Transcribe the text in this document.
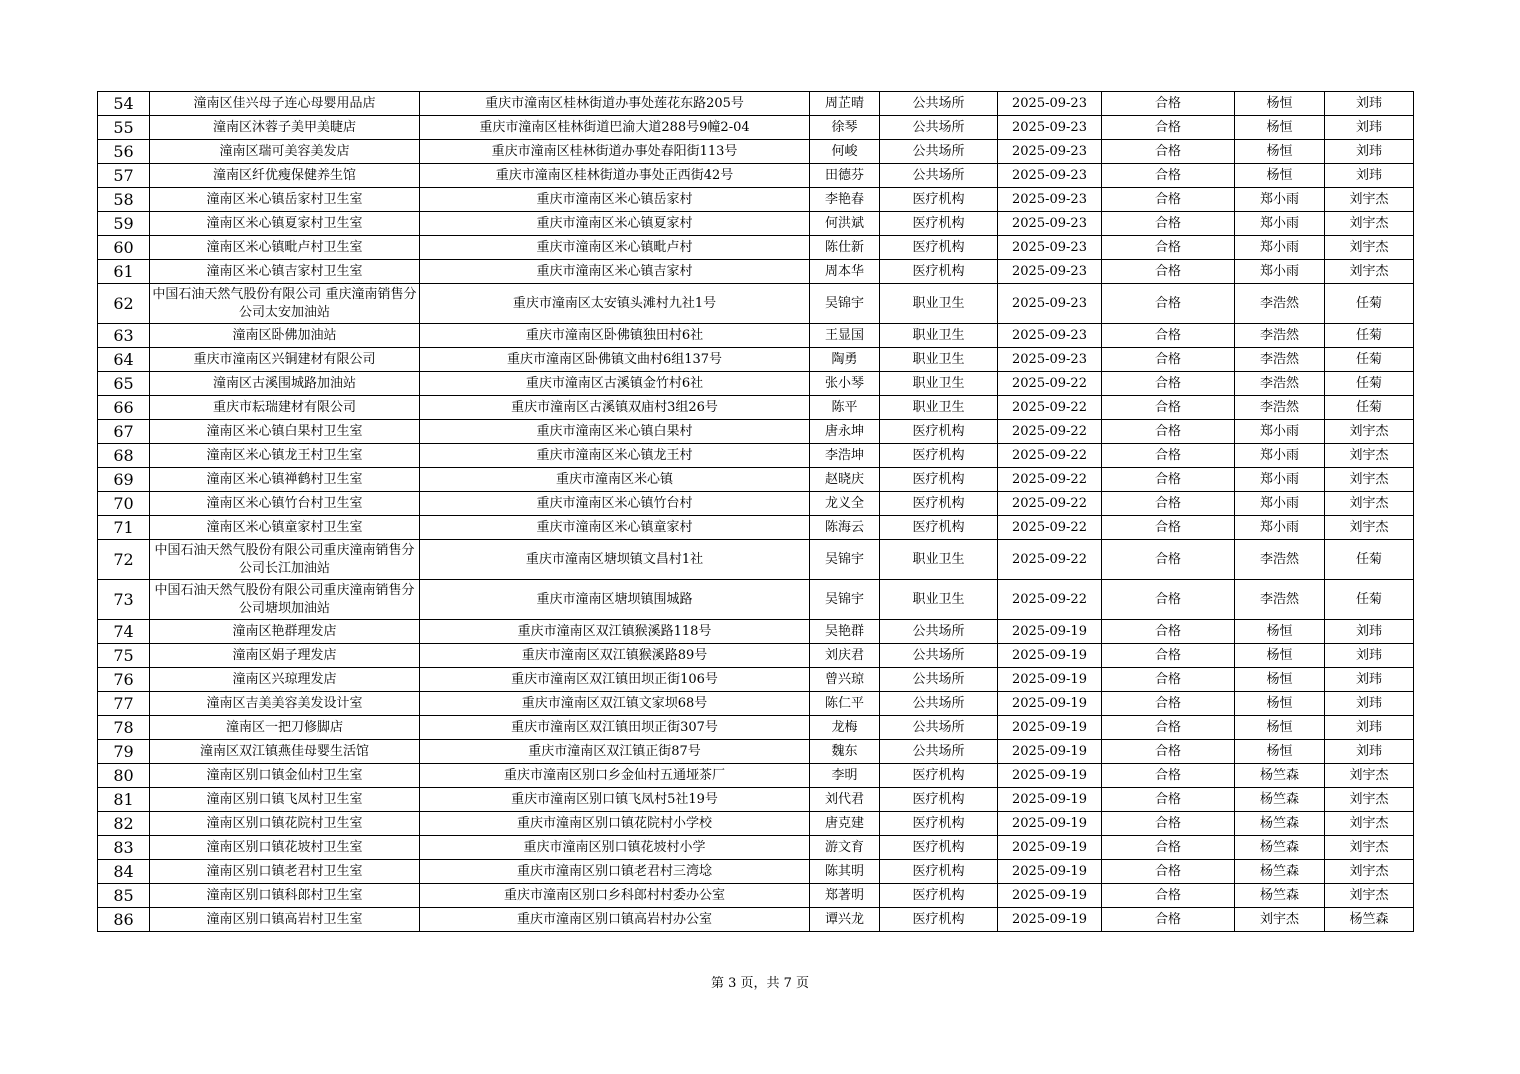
54	潼南区佳兴母子连心母婴用品店	重庆市潼南区桂林街道办事处莲花东路205号	周芷晴	公共场所	2025-09-23	合格	杨恒	刘玮
55	潼南区沐蓉子美甲美睫店	重庆市潼南区桂林街道巴渝大道288号9幢2-04	徐琴	公共场所	2025-09-23	合格	杨恒	刘玮
56	潼南区瑞可美容美发店	重庆市潼南区桂林街道办事处春阳街113号	何峻	公共场所	2025-09-23	合格	杨恒	刘玮
57	潼南区纤优瘦保健养生馆	重庆市潼南区桂林街道办事处正西街42号	田德芬	公共场所	2025-09-23	合格	杨恒	刘玮
58	潼南区米心镇岳家村卫生室	重庆市潼南区米心镇岳家村	李艳春	医疗机构	2025-09-23	合格	郑小雨	刘宇杰
59	潼南区米心镇夏家村卫生室	重庆市潼南区米心镇夏家村	何洪斌	医疗机构	2025-09-23	合格	郑小雨	刘宇杰
60	潼南区米心镇毗卢村卫生室	重庆市潼南区米心镇毗卢村	陈仕新	医疗机构	2025-09-23	合格	郑小雨	刘宇杰
61	潼南区米心镇吉家村卫生室	重庆市潼南区米心镇吉家村	周本华	医疗机构	2025-09-23	合格	郑小雨	刘宇杰
62	中国石油天然气股份有限公司 重庆潼南销售分公司太安加油站	重庆市潼南区太安镇头滩村九社1号	吴锦宇	职业卫生	2025-09-23	合格	李浩然	任菊
63	潼南区卧佛加油站	重庆市潼南区卧佛镇独田村6社	王显国	职业卫生	2025-09-23	合格	李浩然	任菊
64	重庆市潼南区兴铜建材有限公司	重庆市潼南区卧佛镇文曲村6组137号	陶勇	职业卫生	2025-09-23	合格	李浩然	任菊
65	潼南区古溪围城路加油站	重庆市潼南区古溪镇金竹村6社	张小琴	职业卫生	2025-09-22	合格	李浩然	任菊
66	重庆市耘瑞建材有限公司	重庆市潼南区古溪镇双庙村3组26号	陈平	职业卫生	2025-09-22	合格	李浩然	任菊
67	潼南区米心镇白果村卫生室	重庆市潼南区米心镇白果村	唐永坤	医疗机构	2025-09-22	合格	郑小雨	刘宇杰
68	潼南区米心镇龙王村卫生室	重庆市潼南区米心镇龙王村	李浩坤	医疗机构	2025-09-22	合格	郑小雨	刘宇杰
69	潼南区米心镇禅鹤村卫生室	重庆市潼南区米心镇	赵晓庆	医疗机构	2025-09-22	合格	郑小雨	刘宇杰
70	潼南区米心镇竹台村卫生室	重庆市潼南区米心镇竹台村	龙义全	医疗机构	2025-09-22	合格	郑小雨	刘宇杰
71	潼南区米心镇童家村卫生室	重庆市潼南区米心镇童家村	陈海云	医疗机构	2025-09-22	合格	郑小雨	刘宇杰
72	中国石油天然气股份有限公司重庆潼南销售分公司长江加油站	重庆市潼南区塘坝镇文昌村1社	吴锦宇	职业卫生	2025-09-22	合格	李浩然	任菊
73	中国石油天然气股份有限公司重庆潼南销售分公司塘坝加油站	重庆市潼南区塘坝镇围城路	吴锦宇	职业卫生	2025-09-22	合格	李浩然	任菊
74	潼南区艳群理发店	重庆市潼南区双江镇猴溪路118号	吴艳群	公共场所	2025-09-19	合格	杨恒	刘玮
75	潼南区娟子理发店	重庆市潼南区双江镇猴溪路89号	刘庆君	公共场所	2025-09-19	合格	杨恒	刘玮
76	潼南区兴琼理发店	重庆市潼南区双江镇田坝正街106号	曾兴琼	公共场所	2025-09-19	合格	杨恒	刘玮
77	潼南区吉美美容美发设计室	重庆市潼南区双江镇文家坝68号	陈仁平	公共场所	2025-09-19	合格	杨恒	刘玮
78	潼南区一把刀修脚店	重庆市潼南区双江镇田坝正街307号	龙梅	公共场所	2025-09-19	合格	杨恒	刘玮
79	潼南区双江镇燕佳母婴生活馆	重庆市潼南区双江镇正街87号	魏东	公共场所	2025-09-19	合格	杨恒	刘玮
80	潼南区别口镇金仙村卫生室	重庆市潼南区别口乡金仙村五通垭茶厂	李明	医疗机构	2025-09-19	合格	杨竺森	刘宇杰
81	潼南区别口镇飞凤村卫生室	重庆市潼南区别口镇飞凤村5社19号	刘代君	医疗机构	2025-09-19	合格	杨竺森	刘宇杰
82	潼南区别口镇花院村卫生室	重庆市潼南区别口镇花院村小学校	唐克建	医疗机构	2025-09-19	合格	杨竺森	刘宇杰
83	潼南区别口镇花坡村卫生室	重庆市潼南区别口镇花坡村小学	游文育	医疗机构	2025-09-19	合格	杨竺森	刘宇杰
84	潼南区别口镇老君村卫生室	重庆市潼南区别口镇老君村三湾埝	陈其明	医疗机构	2025-09-19	合格	杨竺森	刘宇杰
85	潼南区别口镇科郎村卫生室	重庆市潼南区别口乡科郎村村委办公室	郑著明	医疗机构	2025-09-19	合格	杨竺森	刘宇杰
86	潼南区别口镇高岩村卫生室	重庆市潼南区别口镇高岩村办公室	谭兴龙	医疗机构	2025-09-19	合格	刘宇杰	杨竺森
第 3 页，共 7 页
